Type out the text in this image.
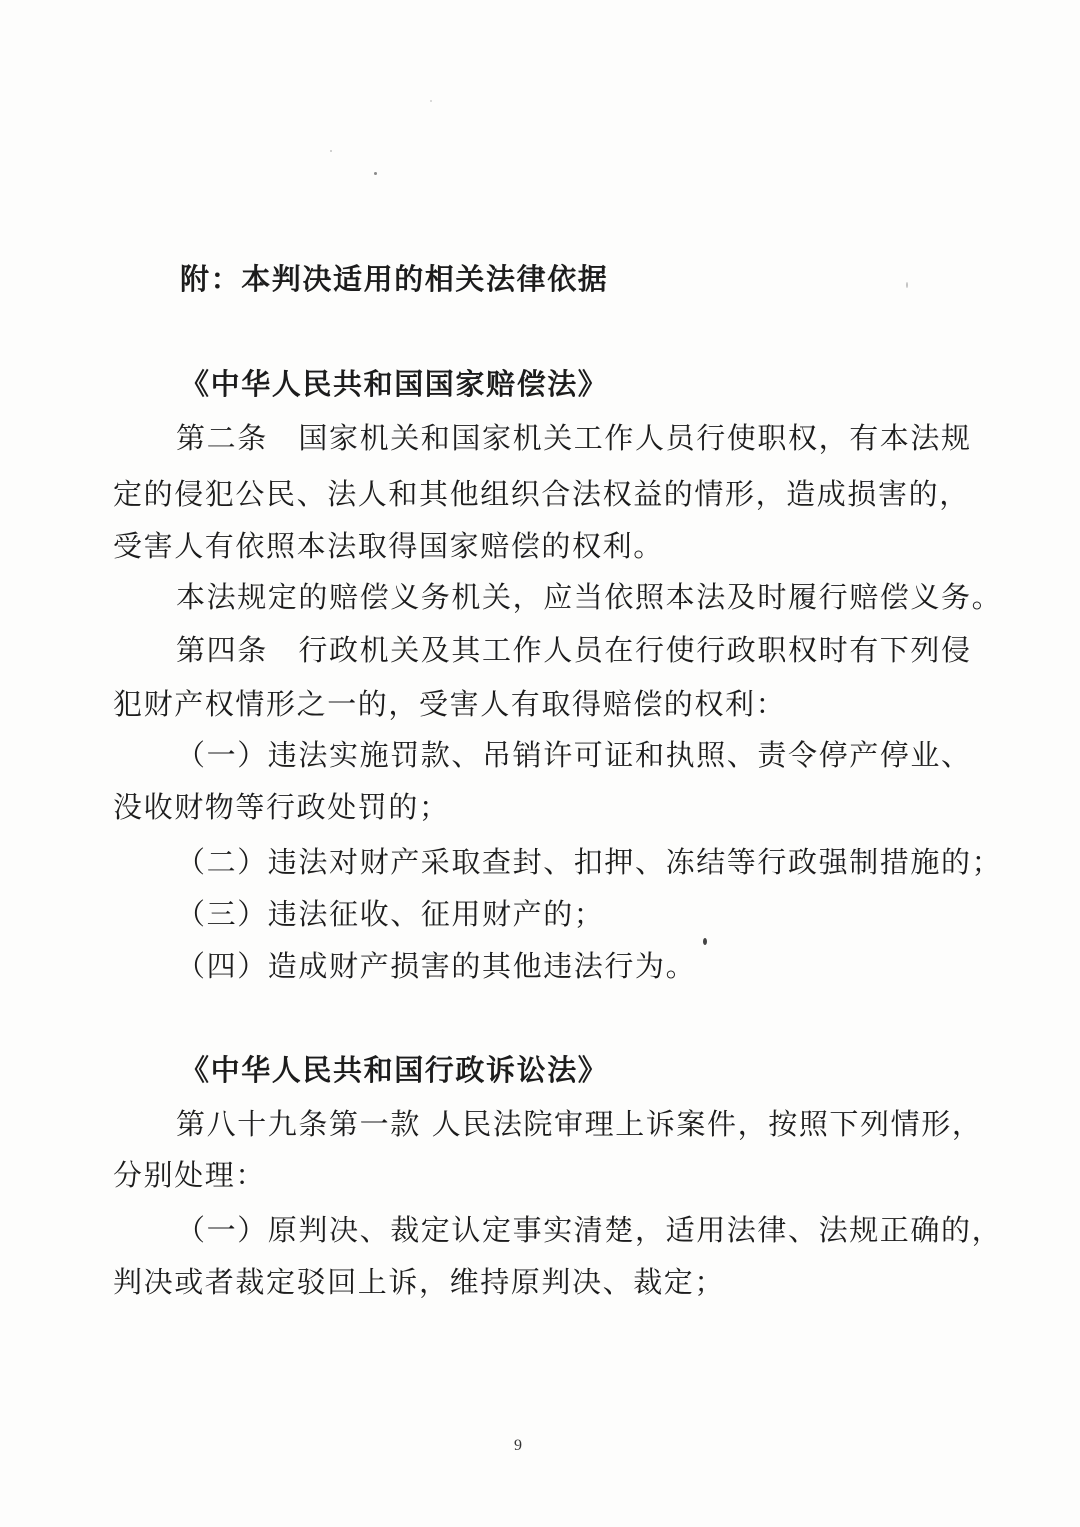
附：本判决适用的相关法律依据
《中华人民共和国国家赔偿法》
第二条　国家机关和国家机关工作人员行使职权，有本法规
定的侵犯公民、法人和其他组织合法权益的情形，造成损害的，
受害人有依照本法取得国家赔偿的权利。
本法规定的赔偿义务机关，应当依照本法及时履行赔偿义务。
第四条　行政机关及其工作人员在行使行政职权时有下列侵
犯财产权情形之一的，受害人有取得赔偿的权利：
（一）违法实施罚款、吊销许可证和执照、责令停产停业、
没收财物等行政处罚的；
（二）违法对财产采取查封、扣押、冻结等行政强制措施的；
（三）违法征收、征用财产的；
（四）造成财产损害的其他违法行为。
《中华人民共和国行政诉讼法》
第八十九条第一款 人民法院审理上诉案件，按照下列情形，
分别处理：
（一）原判决、裁定认定事实清楚，适用法律、法规正确的，
判决或者裁定驳回上诉，维持原判决、裁定；
9
